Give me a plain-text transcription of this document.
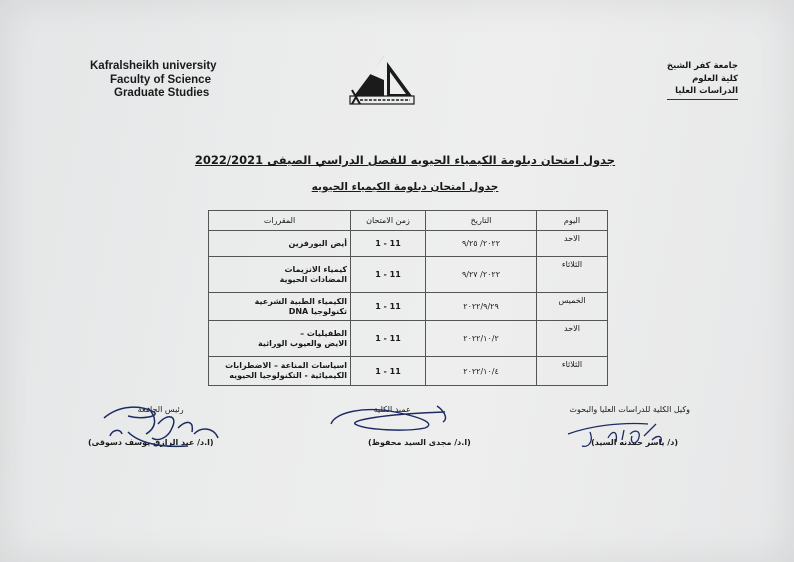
Kafralsheikh university
Faculty of Science
Graduate Studies
جامعة كفر الشيخ
كلية العلوم
الدراسات العليا
جدول امتحان دبلومة الكيمياء الحيويه للفصل الدراسي الصيفى 2022/2021
جدول امتحان دبلومة الكيمياء الحيويه
اليوم	التاريخ	زمن الامتحان	المقررات
الاحد	٢٠٢٢/ ٩/٢٥	11 - 1	أيض البورفرين

الثلاثاء	٢٠٢٢/ ٩/٢٧	11 - 1	كيمياء الانزيمات
المضادات الحيوية

الخميس	٢٠٢٢/٩/٢٩	11 - 1	الكيمياء الطبية الشرعية
تكنولوجيا DNA

الاحد	٢٠٢٢/١٠/٢	11 - 1	الطفيليات –
الايض والعيوب الوراثية

الثلاثاء	٢٠٢٢/١٠/٤	11 - 1	اسياسات المناعة – الاضطرابات
الكيميائية - التكنولوجيا الحيويه
وكيل الكلية للدراسات العليا والبحوث
(د/ ياسر حمدنه السيد)
عميد الكلية
(ا.د/ مجدى السيد محفوظ)
رئيس الجامعة
(ا.د/ عبد الرازق يوسف دسوقى)
